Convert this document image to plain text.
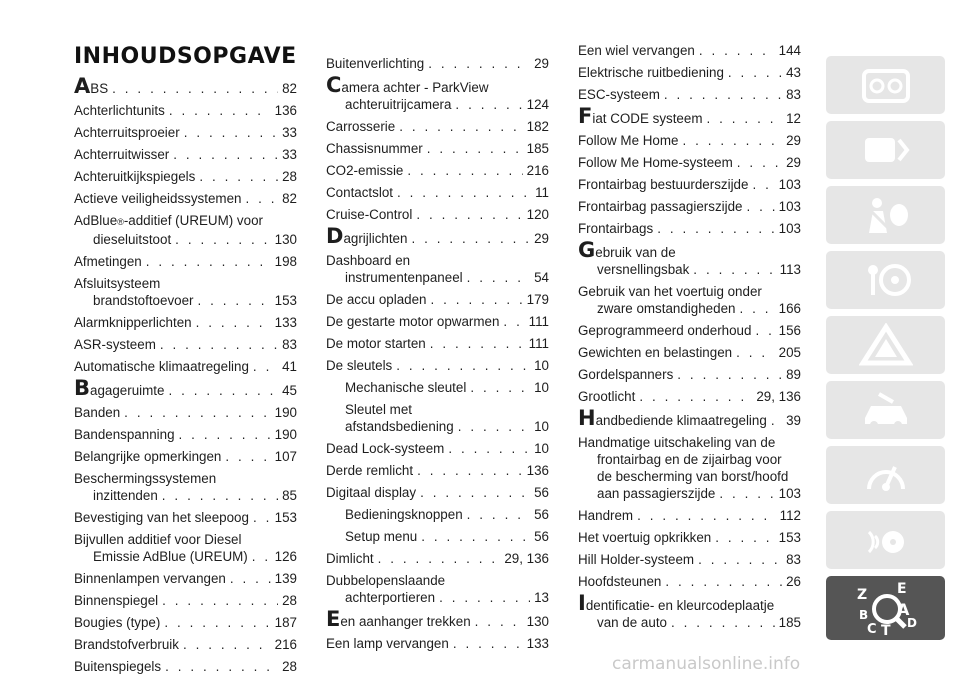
INHOUDSOPGAVE
A BS . . .	82
Achterlichtunits . . .	136
Achterruitsproeier . . .	33
Achterruitwisser . . .	33
Achteruitkijkspiegels . . .	28
Actieve veiligheidssystemen . . .	82
AdBlue ® -additief (UREUM) voor
dieseluitstoot . . .	130
Afmetingen . . .	198
Afsluitsysteem
brandstoftoevoer . . .	153
Alarmknipperlichten . . .	133
ASR-systeem . . .	83
Automatische klimaatregeling . . . 41
B agageruimte . . .	45
Banden . . .	190
Bandenspanning . . .	190
Belangrijke opmerkingen . . .	107
Beschermingssystemen
inzittenden . . .	85
Bevestiging van het sleepoog . . . 153
Bijvullen additief voor Diesel
Emissie AdBlue (UREUM) . . . 126
Binnenlampen vervangen . . .	139
Binnenspiegel . . .	28
Bougies (type) . . .	187
Brandstofverbruik . . .	216
Buitenspiegels . . .	28
Buitenverlichting . . .	29
C amera achter - ParkView
achteruitrijcamera . . .	124
Carrosserie . . .	182
Chassisnummer . . .	185
CO2-emissie . . .	216
Contactslot . . .	11
Cruise-Control . . .	120
D agrijlichten . . .	29
Dashboard en
instrumentenpaneel . . .	54
De accu opladen . . .	179
De gestarte motor opwarmen . . . 111
De motor starten . . .	111
De sleutels . . .	10
Mechanische sleutel . . .	10
Sleutel met
afstandsbediening . . .	10
Dead Lock-systeem . . .	10
Derde remlicht . . .	136
Digitaal display . . .	56
Bedieningsknoppen . . .	56
Setup menu . . .	56
Dimlicht . . .	29, 136
Dubbelopenslaande
achterportieren . . .	13
E en aanhanger trekken . . .	130
Een lamp vervangen . . .	133
Een wiel vervangen . . .	144
Elektrische ruitbediening . . .	43
ESC-systeem . . .	83
F iat CODE systeem . . .	12
Follow Me Home . . .	29
Follow Me Home-systeem . . .	29
Frontairbag bestuurderszijde . . . 103
Frontairbag passagierszijde . . .	103
Frontairbags . . .	103
G ebruik van de
versnellingsbak . . .	113
Gebruik van het voertuig onder
zware omstandigheden . . .	166
Geprogrammeerd onderhoud . . . 156
Gewichten en belastingen . . .	205
Gordelspanners . . .	89
Grootlicht . . .	29, 136
H andbediende klimaatregeling . . . 39
Handmatige uitschakeling van de
frontairbag en de zijairbag voor
de bescherming van borst/hoofd
aan passagierszijde . . .	103
Handrem . . .	112
Het voertuig opkrikken . . .	153
Hill Holder-systeem . . .	83
Hoofdsteunen . . .	26
I dentificatie- en kleurcodeplaatje
van de auto . . .	185
Z E
B A
C T D
carmanualsonline.info
